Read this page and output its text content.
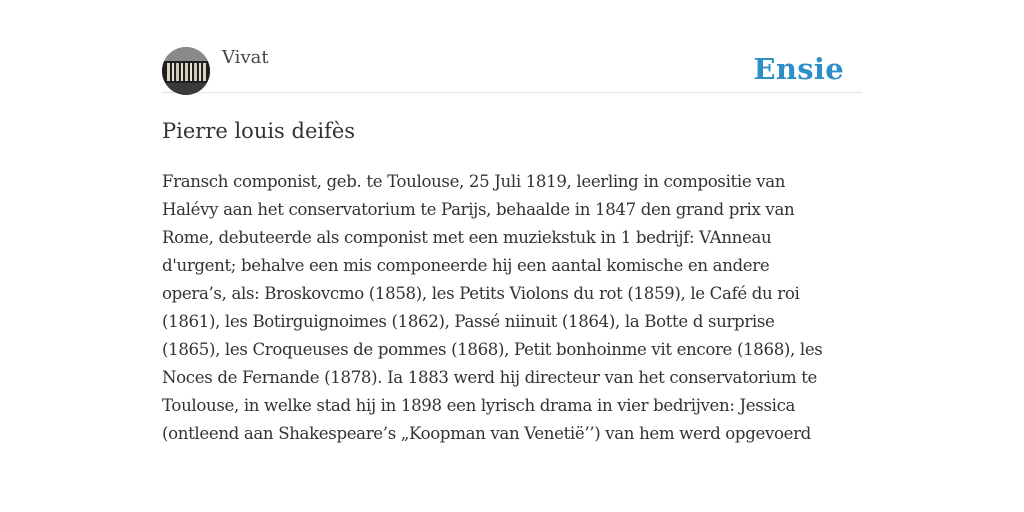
Vivat	Ensie
Pierre louis deifès
Fransch componist, geb. te Toulouse, 25 Juli 1819, leerling in compositie van
Halévy aan het conservatorium te Parijs, behaalde in 1847 den grand prix van
Rome, debuteerde als componist met een muziekstuk in 1 bedrijf: VAnneau
d'urgent; behalve een mis componeerde hij een aantal komische en andere
opera’s, als: Broskovcmo (1858), les Petits Violons du rot (1859), le Café du roi
(1861), les Botirguignoimes (1862), Passé niinuit (1864), la Botte d surprise
(1865), les Croqueuses de pommes (1868), Petit bonhoinme vit encore (1868), les
Noces de Fernande (1878). Ia 1883 werd hij directeur van het conservatorium te
Toulouse, in welke stad hij in 1898 een lyrisch drama in vier bedrijven: Jessica
(ontleend aan Shakespeare’s „Koopman van Venetië’’) van hem werd opgevoerd
